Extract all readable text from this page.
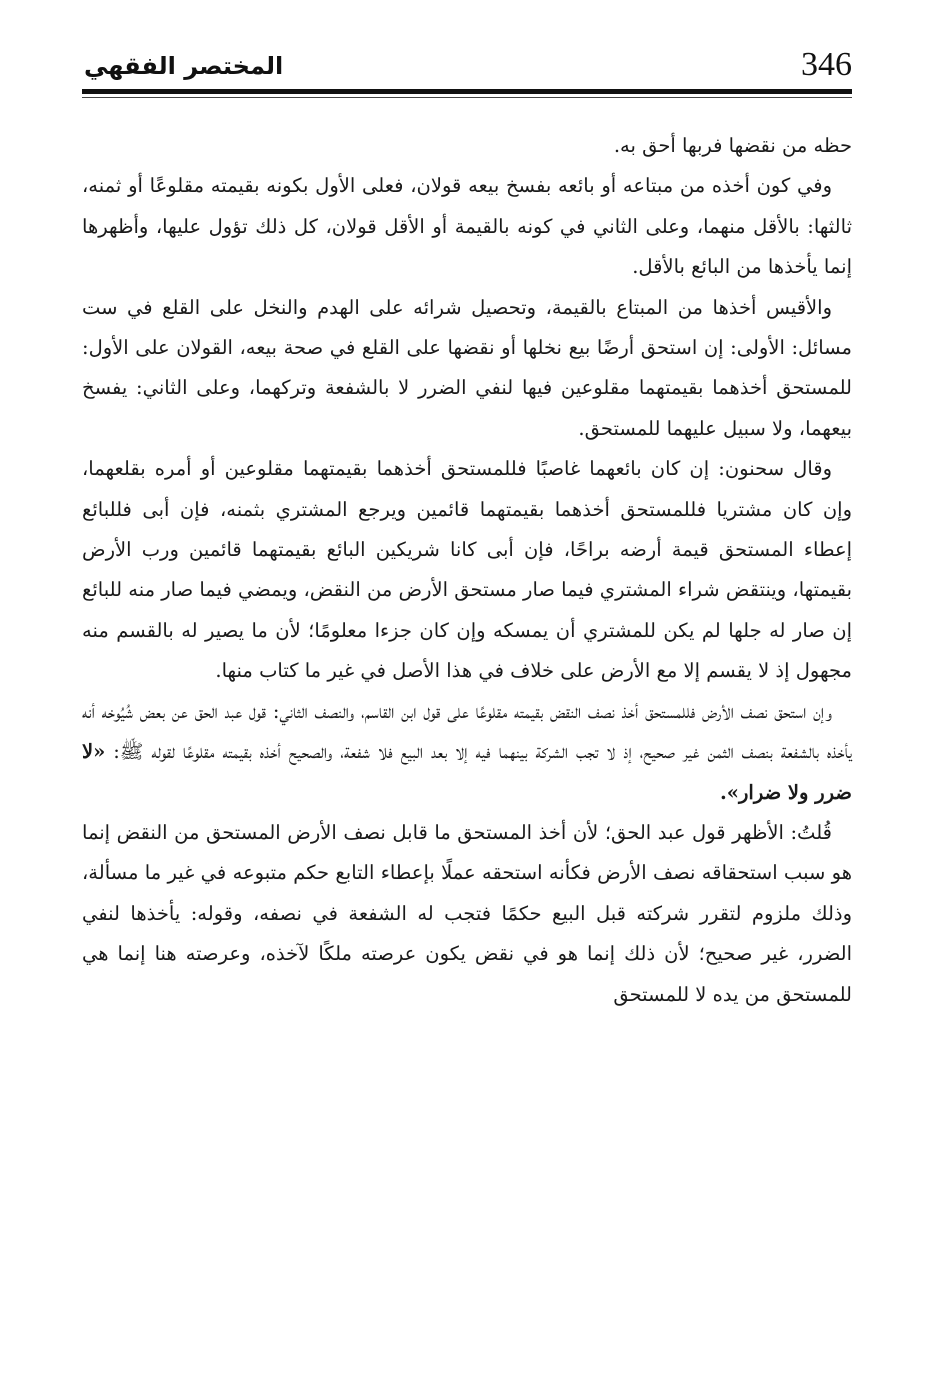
346
المختصر الفقهي

حظه من نقضها فربها أحق به.

وفي كون أخذه من مبتاعه أو بائعه بفسخ بيعه قولان، فعلى الأول بكونه بقيمته مقلوعًا أو ثمنه، ثالثها: بالأقل منهما، وعلى الثاني في كونه بالقيمة أو الأقل قولان، كل ذلك تؤول عليها، وأظهرها إنما يأخذها من البائع بالأقل.

والأقيس أخذها من المبتاع بالقيمة، وتحصيل شرائه على الهدم والنخل على القلع في ست مسائل: الأولى: إن استحق أرضًا بيع نخلها أو نقضها على القلع في صحة بيعه، القولان على الأول: للمستحق أخذهما بقيمتهما مقلوعين فيها لنفي الضرر لا بالشفعة وتركهما، وعلى الثاني: يفسخ بيعهما، ولا سبيل عليهما للمستحق.

وقال سحنون: إن كان بائعهما غاصبًا فللمستحق أخذهما بقيمتهما مقلوعين أو أمره بقلعهما، وإن كان مشتريا فللمستحق أخذهما بقيمتهما قائمين ويرجع المشتري بثمنه، فإن أبى فللبائع إعطاء المستحق قيمة أرضه براحًا، فإن أبى كانا شريكين البائع بقيمتهما قائمين ورب الأرض بقيمتها، وينتقض شراء المشتري فيما صار مستحق الأرض من النقض، ويمضي فيما صار منه للبائع إن صار له جلها لم يكن للمشتري أن يمسكه وإن كان جزءا معلومًا؛ لأن ما يصير له بالقسم منه مجهول إذ لا يقسم إلا مع الأرض على خلاف في هذا الأصل في غير ما كتاب منها.

وإن استحق نصف الأرض فللمستحق أخذ نصف النقض بقيمته مقلوعًا على قول ابن القاسم، والنصف الثاني: قول عبد الحق عن بعض شُيُوخه أنه يأخذه بالشفعة بنصف الثمن غير صحيح، إذ لا تجب الشركة بينهما فيه إلا بعد البيع فلا شفعة، والصحيح أخذه بقيمته مقلوعًا لقوله ﷺ: «لا ضرر ولا ضرار».

قُلتُ: الأظهر قول عبد الحق؛ لأن أخذ المستحق ما قابل نصف الأرض المستحق من النقض إنما هو سبب استحقاقه نصف الأرض فكأنه استحقه عملًا بإعطاء التابع حكم متبوعه في غير ما مسألة، وذلك ملزوم لتقرر شركته قبل البيع حكمًا فتجب له الشفعة في نصفه، وقوله: يأخذها لنفي الضرر، غير صحيح؛ لأن ذلك إنما هو في نقض يكون عرصته ملكًا لآخذه، وعرصته هنا إنما هي للمستحق من يده لا للمستحق
